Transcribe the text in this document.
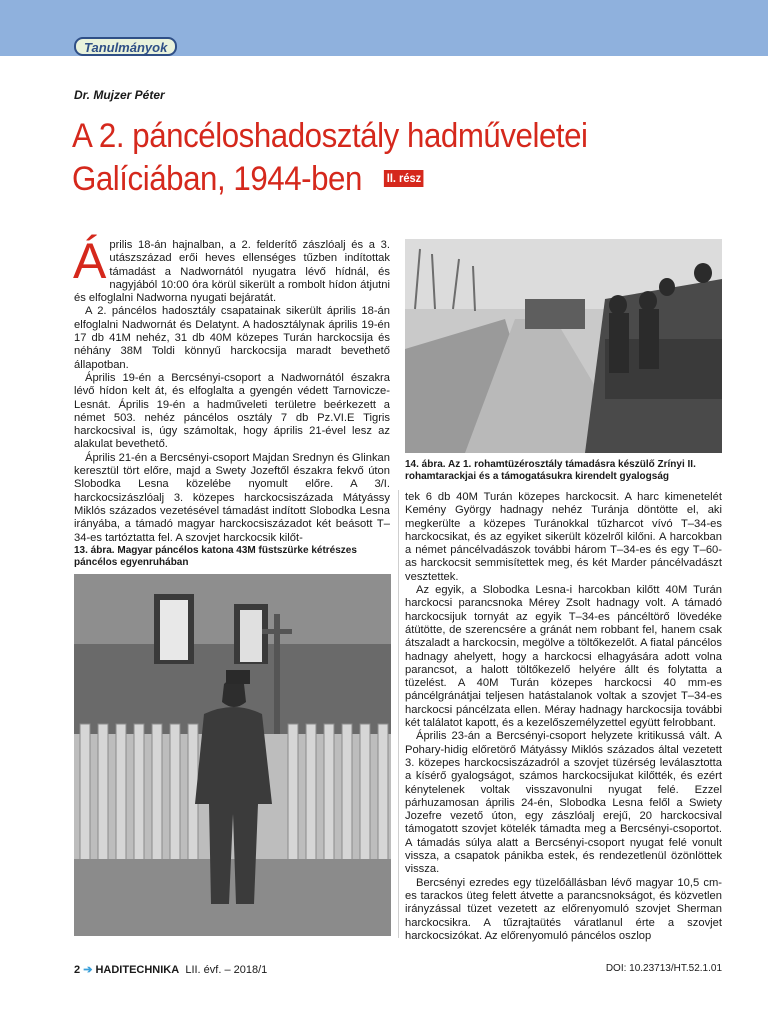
Tanulmányok
Dr. Mujzer Péter
A 2. páncéloshadosztály hadműveletei
Galíciában, 1944-ben II. rész
Á prilis 18-án hajnalban, a 2. felderítő zászlóalj és a 3. utászszázad erői heves ellenséges tűzben indítottak támadást a Nadwornától nyugatra lévő hídnál, és nagyjából 10:00 óra körül sikerült a rombolt hídon átjutni és elfoglalni Nadworna nyugati bejáratát.

A 2. páncélos hadosztály csapatainak sikerült április 18-án elfoglalni Nadwornát és Delatynt. A hadosztálynak április 19-én 17 db 41M nehéz, 31 db 40M közepes Turán harckocsija és néhány 38M Toldi könnyű harckocsija maradt bevethető állapotban.

Április 19-én a Bercsényi-csoport a Nadwornától északra lévő hídon kelt át, és elfoglalta a gyengén védett Tarnovicze-Lesnát. Április 19-én a hadműveleti területre beérkezett a német 503. nehéz páncélos osztály 7 db Pz.VI.E Tigris harckocsival is, úgy számoltak, hogy április 21-ével lesz az alakulat bevethető.

Április 21-én a Bercsényi-csoport Majdan Srednyn és Glinkan keresztül tört előre, majd a Swety Jozeftől északra fekvő úton Slobodka Lesna közelébe nyomult előre. A 3/I. harckocsizászlóalj 3. közepes harckocsiszázada Mátyássy Miklós százados vezetésével támadást indított Slobodka Lesna irányába, a támadó magyar harckocsiszázadot két beásott T–34-es tartóztatta fel. A szovjet harckocsik kilőt-

13. ábra. Magyar páncélos katona 43M füstszürke kétrészes páncélos egyenruhában
14. ábra. Az 1. rohamtüzérosztály támadásra készülő Zrínyi II. rohamtarackjai és a támogatásukra kirendelt gyalogság

tek 6 db 40M Turán közepes harckocsit. A harc kimenetelét Kemény György hadnagy nehéz Turánja döntötte el, aki megkerülte a közepes Turánokkal tűzharcot vívó T–34-es harckocsikat, és az egyiket sikerült közelről kilőni. A harcokban a német páncélvadászok további három T–34-es és egy T–60-as harckocsit semmisítettek meg, és két Marder páncélvadászt vesztettek.

Az egyik, a Slobodka Lesna-i harcokban kilőtt 40M Turán harckocsi parancsnoka Mérey Zsolt hadnagy volt. A támadó harckocsijuk tornyát az egyik T–34-es páncéltörő lövedéke átütötte, de szerencsére a gránát nem robbant fel, hanem csak átszaladt a harckocsin, megölve a töltőkezelőt. A fiatal páncélos hadnagy ahelyett, hogy a harckocsi elhagyására adott volna parancsot, a halott töltőkezelő helyére állt és folytatta a tüzelést. A 40M Turán közepes harckocsi 40 mm-es páncélgránátjai teljesen hatástalanok voltak a szovjet T–34-es harckocsi páncélzata ellen. Méray hadnagy harckocsija további két találatot kapott, és a kezelőszemélyzettel együtt felrobbant.

Április 23-án a Bercsényi-csoport helyzete kritikussá vált. A Pohary-hidig előretörő Mátyássy Miklós százados által vezetett 3. közepes harckocsiszázadról a szovjet tüzérség leválasztotta a kísérő gyalogságot, számos harckocsijukat kilőtték, és ezért kénytelenek voltak visszavonulni nyugat felé. Ezzel párhuzamosan április 24-én, Slobodka Lesna felől a Swiety Jozefre vezető úton, egy zászlóalj erejű, 20 harckocsival támogatott szovjet kötelék támadta meg a Bercsényi-csoportot. A támadás súlya alatt a Bercsényi-csoport nyugat felé vonult vissza, a csapatok pánikba estek, és rendezetlenül özönlöttek vissza.

Bercsényi ezredes egy tüzelőállásban lévő magyar 10,5 cm-es tarackos üteg felett átvette a parancsnokságot, és közvetlen irányzással tüzet vezetett az előrenyomuló szovjet Sherman harckocsikra. A tűzrajtaütés váratlanul érte a szovjet harckocsizókat. Az előrenyomuló páncélos oszlop

2 ➔ HADITECHNIKA LII. évf. – 2018/1	DOI: 10.23713/HT.52.1.01
